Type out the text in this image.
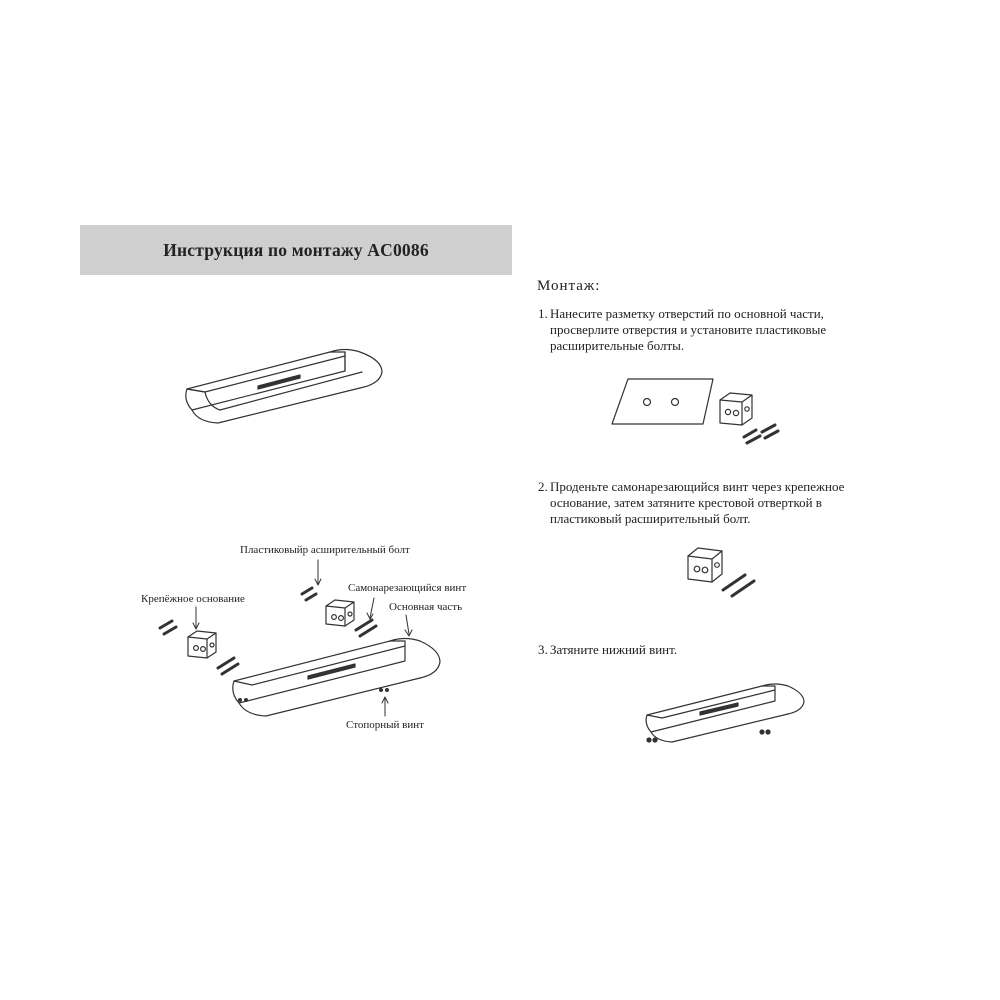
Инструкция по монтажу AC0086
Монтаж:
1. Нанесите разметку отверстий по основной части,
просверлите отверстия и установите пластиковые
расширительные болты.
2. Проденьте самонарезающийся винт через крепежное
основание, затем затяните крестовой отверткой в
пластиковый расширительный болт.
3. Затяните нижний винт.
Пластиковыйр асширительный болт
Крепёжное основание
Самонарезающийся винт
Основная часть
Стопорный винт
